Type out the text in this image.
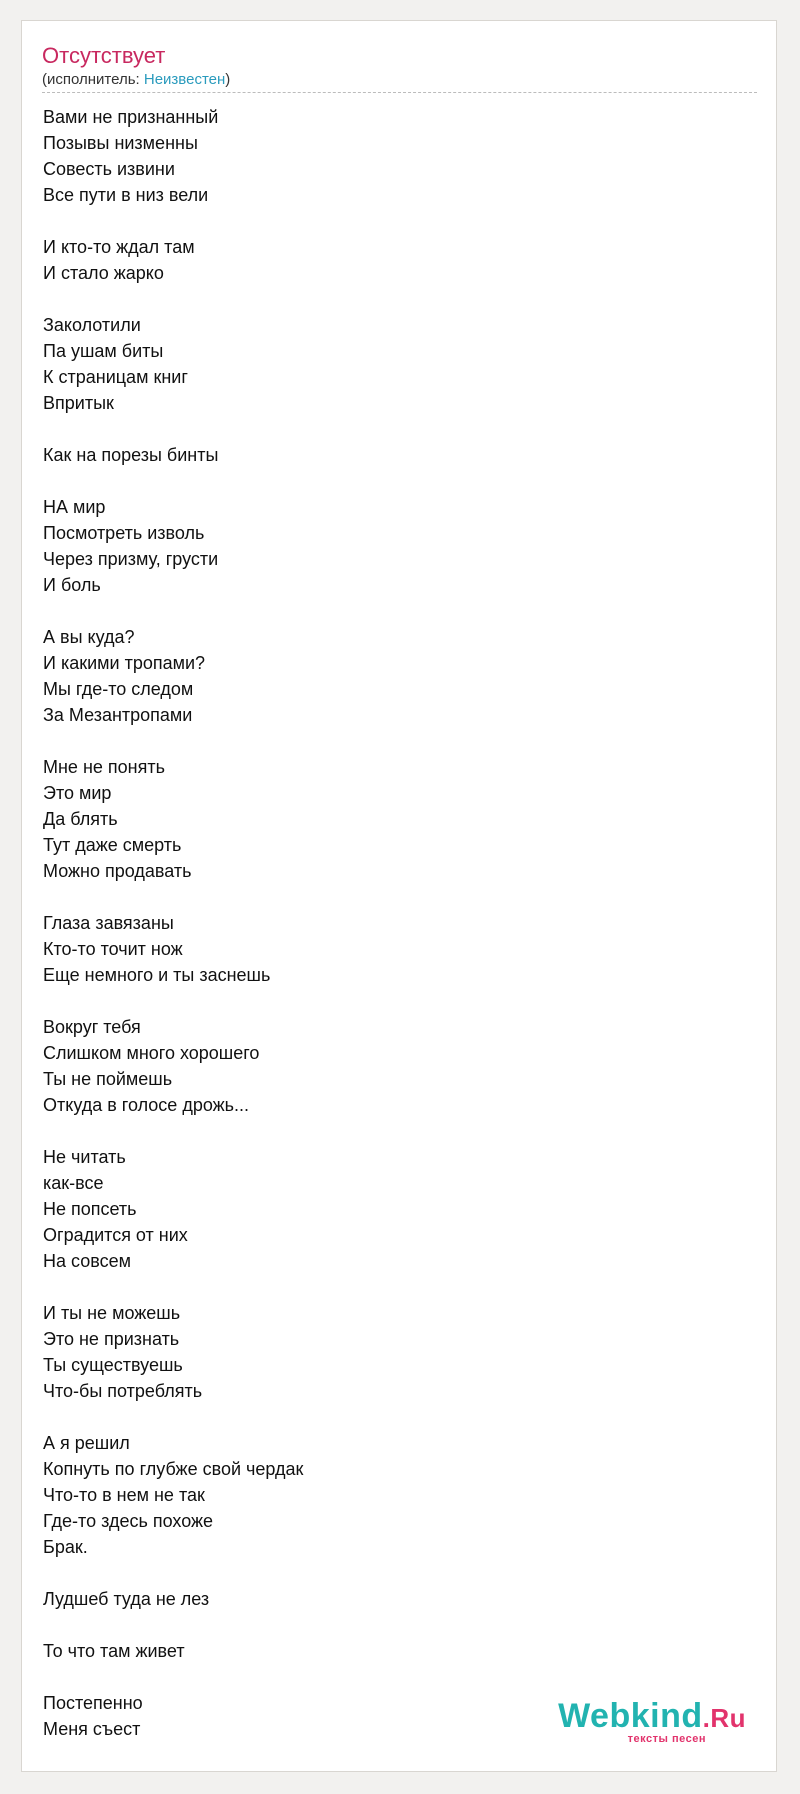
Отсутствует
(исполнитель: Неизвестен)
Вами не признанный
Позывы низменны
Совесть извини
Все пути в низ вели
И кто-то ждал там
И стало жарко
Заколотили
Па ушам биты
К страницам книг
Впритык
Как на порезы бинты
НА мир
Посмотреть изволь
Через призму, грусти
И боль
А вы куда?
И какими тропами?
Мы где-то следом
За Мезантропами
Мне не понять
Это мир
Да блять
Тут даже смерть
Можно продавать
Глаза завязаны
Кто-то точит нож
Еще немного и ты заснешь
Вокруг тебя
Слишком много хорошего
Ты не поймешь
Откуда в голосе дрожь...
Не читать
как-все
Не попсеть
Оградится от них
На совсем
И ты не можешь
Это не признать
Ты существуешь
Что-бы потреблять
А я решил
Копнуть по глубже свой чердак
Что-то в нем не так
Где-то здесь похоже
Брак.
Лудшеб туда не лез
То что там живет
Постепенно
Меня съест	Webkind.Ru
тексты песен
